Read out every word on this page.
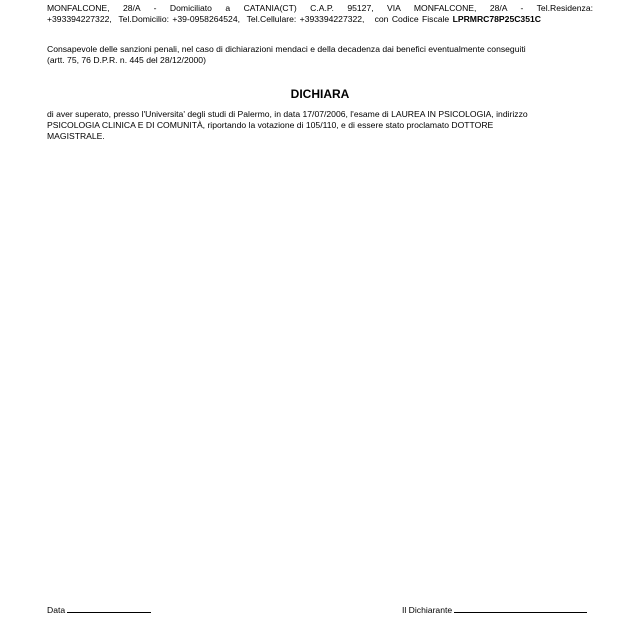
MONFALCONE, 28/A - Domiciliato a CATANIA(CT) C.A.P. 95127, VIA MONFALCONE, 28/A - Tel.Residenza:
+393394227322,  Tel.Domicilio: +39-0958264524,  Tel.Cellulare: +393394227322,   con Codice Fiscale LPRMRC78P25C351C
Consapevole delle sanzioni penali, nel caso di dichiarazioni mendaci e della decadenza dai benefici eventualmente conseguiti
(artt. 75, 76 D.P.R. n. 445 del 28/12/2000)
DICHIARA
di aver superato, presso l'Universita' degli studi di Palermo, in data 17/07/2006, l'esame di LAUREA IN PSICOLOGIA, indirizzo
PSICOLOGIA CLINICA E DI COMUNITÀ, riportando la votazione di 105/110, e di essere stato proclamato DOTTORE
MAGISTRALE.
Data	Il Dichiarante
